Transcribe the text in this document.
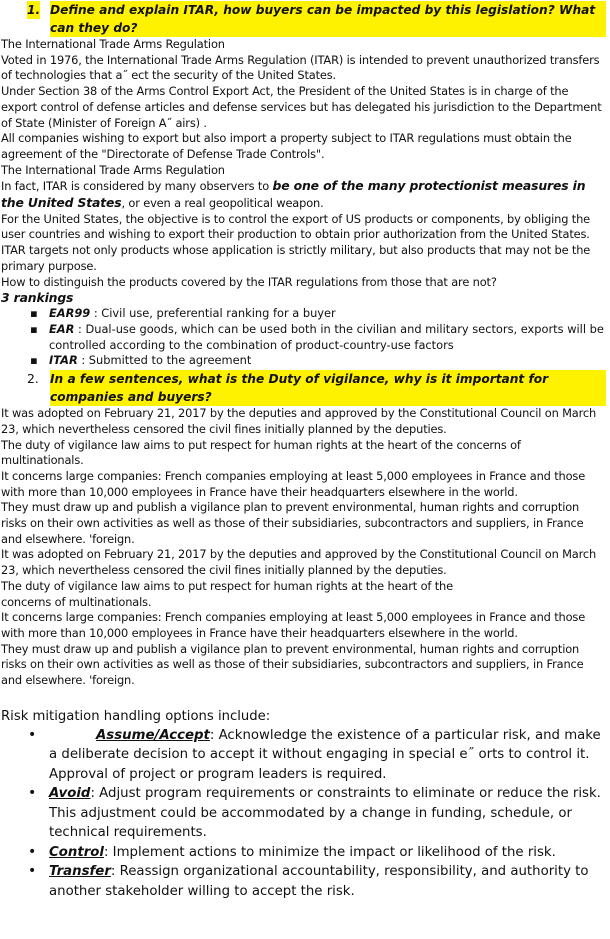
1. Define and explain ITAR, how buyers can be impacted by this legislation? What can they do?

The International Trade Arms Regulation

Voted in 1976, the International Trade Arms Regulation (ITAR) is intended to prevent unauthorized transfers of technologies that a˝ ect the security of the United States.

Under Section 38 of the Arms Control Export Act, the President of the United States is in charge of the export control of defense articles and defense services but has delegated his jurisdiction to the Department of State (Minister of Foreign A˝ airs) .

All companies wishing to export but also import a property subject to ITAR regulations must obtain the agreement of the "Directorate of Defense Trade Controls".

The International Trade Arms Regulation

In fact, ITAR is considered by many observers to be one of the many protectionist measures in the United States, or even a real geopolitical weapon.

For the United States, the objective is to control the export of US products or components, by obliging the user countries and wishing to export their production to obtain prior authorization from the United States. ITAR targets not only products whose application is strictly military, but also products that may not be the primary purpose.

How to distinguish the products covered by the ITAR regulations from those that are not?

3 rankings

▪ EAR99 : Civil use, preferential ranking for a buyer
▪ EAR : Dual-use goods, which can be used both in the civilian and military sectors, exports will be controlled according to the combination of product-country-use factors
▪ ITAR : Submitted to the agreement
2. In a few sentences, what is the Duty of vigilance, why is it important for companies and buyers?

It was adopted on February 21, 2017 by the deputies and approved by the Constitutional Council on March 23, which nevertheless censored the civil fines initially planned by the deputies.

The duty of vigilance law aims to put respect for human rights at the heart of the concerns of multinationals.

It concerns large companies: French companies employing at least 5,000 employees in France and those with more than 10,000 employees in France have their headquarters elsewhere in the world.

They must draw up and publish a vigilance plan to prevent environmental, human rights and corruption risks on their own activities as well as those of their subsidiaries, subcontractors and suppliers, in France and elsewhere. 'foreign.

It was adopted on February 21, 2017 by the deputies and approved by the Constitutional Council on March 23, which nevertheless censored the civil fines initially planned by the deputies.

The duty of vigilance law aims to put respect for human rights at the heart of the

concerns of multinationals.

It concerns large companies: French companies employing at least 5,000 employees in France and those with more than 10,000 employees in France have their headquarters elsewhere in the world.

They must draw up and publish a vigilance plan to prevent environmental, human rights and corruption risks on their own activities as well as those of their subsidiaries, subcontractors and suppliers, in France and elsewhere. 'foreign.

Risk mitigation handling options include:

•	Assume/Accept: Acknowledge the existence of a particular risk, and make a deliberate decision to accept it without engaging in special e˝ orts to control it. Approval of project or program leaders is required.
• Avoid: Adjust program requirements or constraints to eliminate or reduce the risk. This adjustment could be accommodated by a change in funding, schedule, or technical requirements.
• Control: Implement actions to minimize the impact or likelihood of the risk.
• Transfer: Reassign organizational accountability, responsibility, and authority to another stakeholder willing to accept the risk.
